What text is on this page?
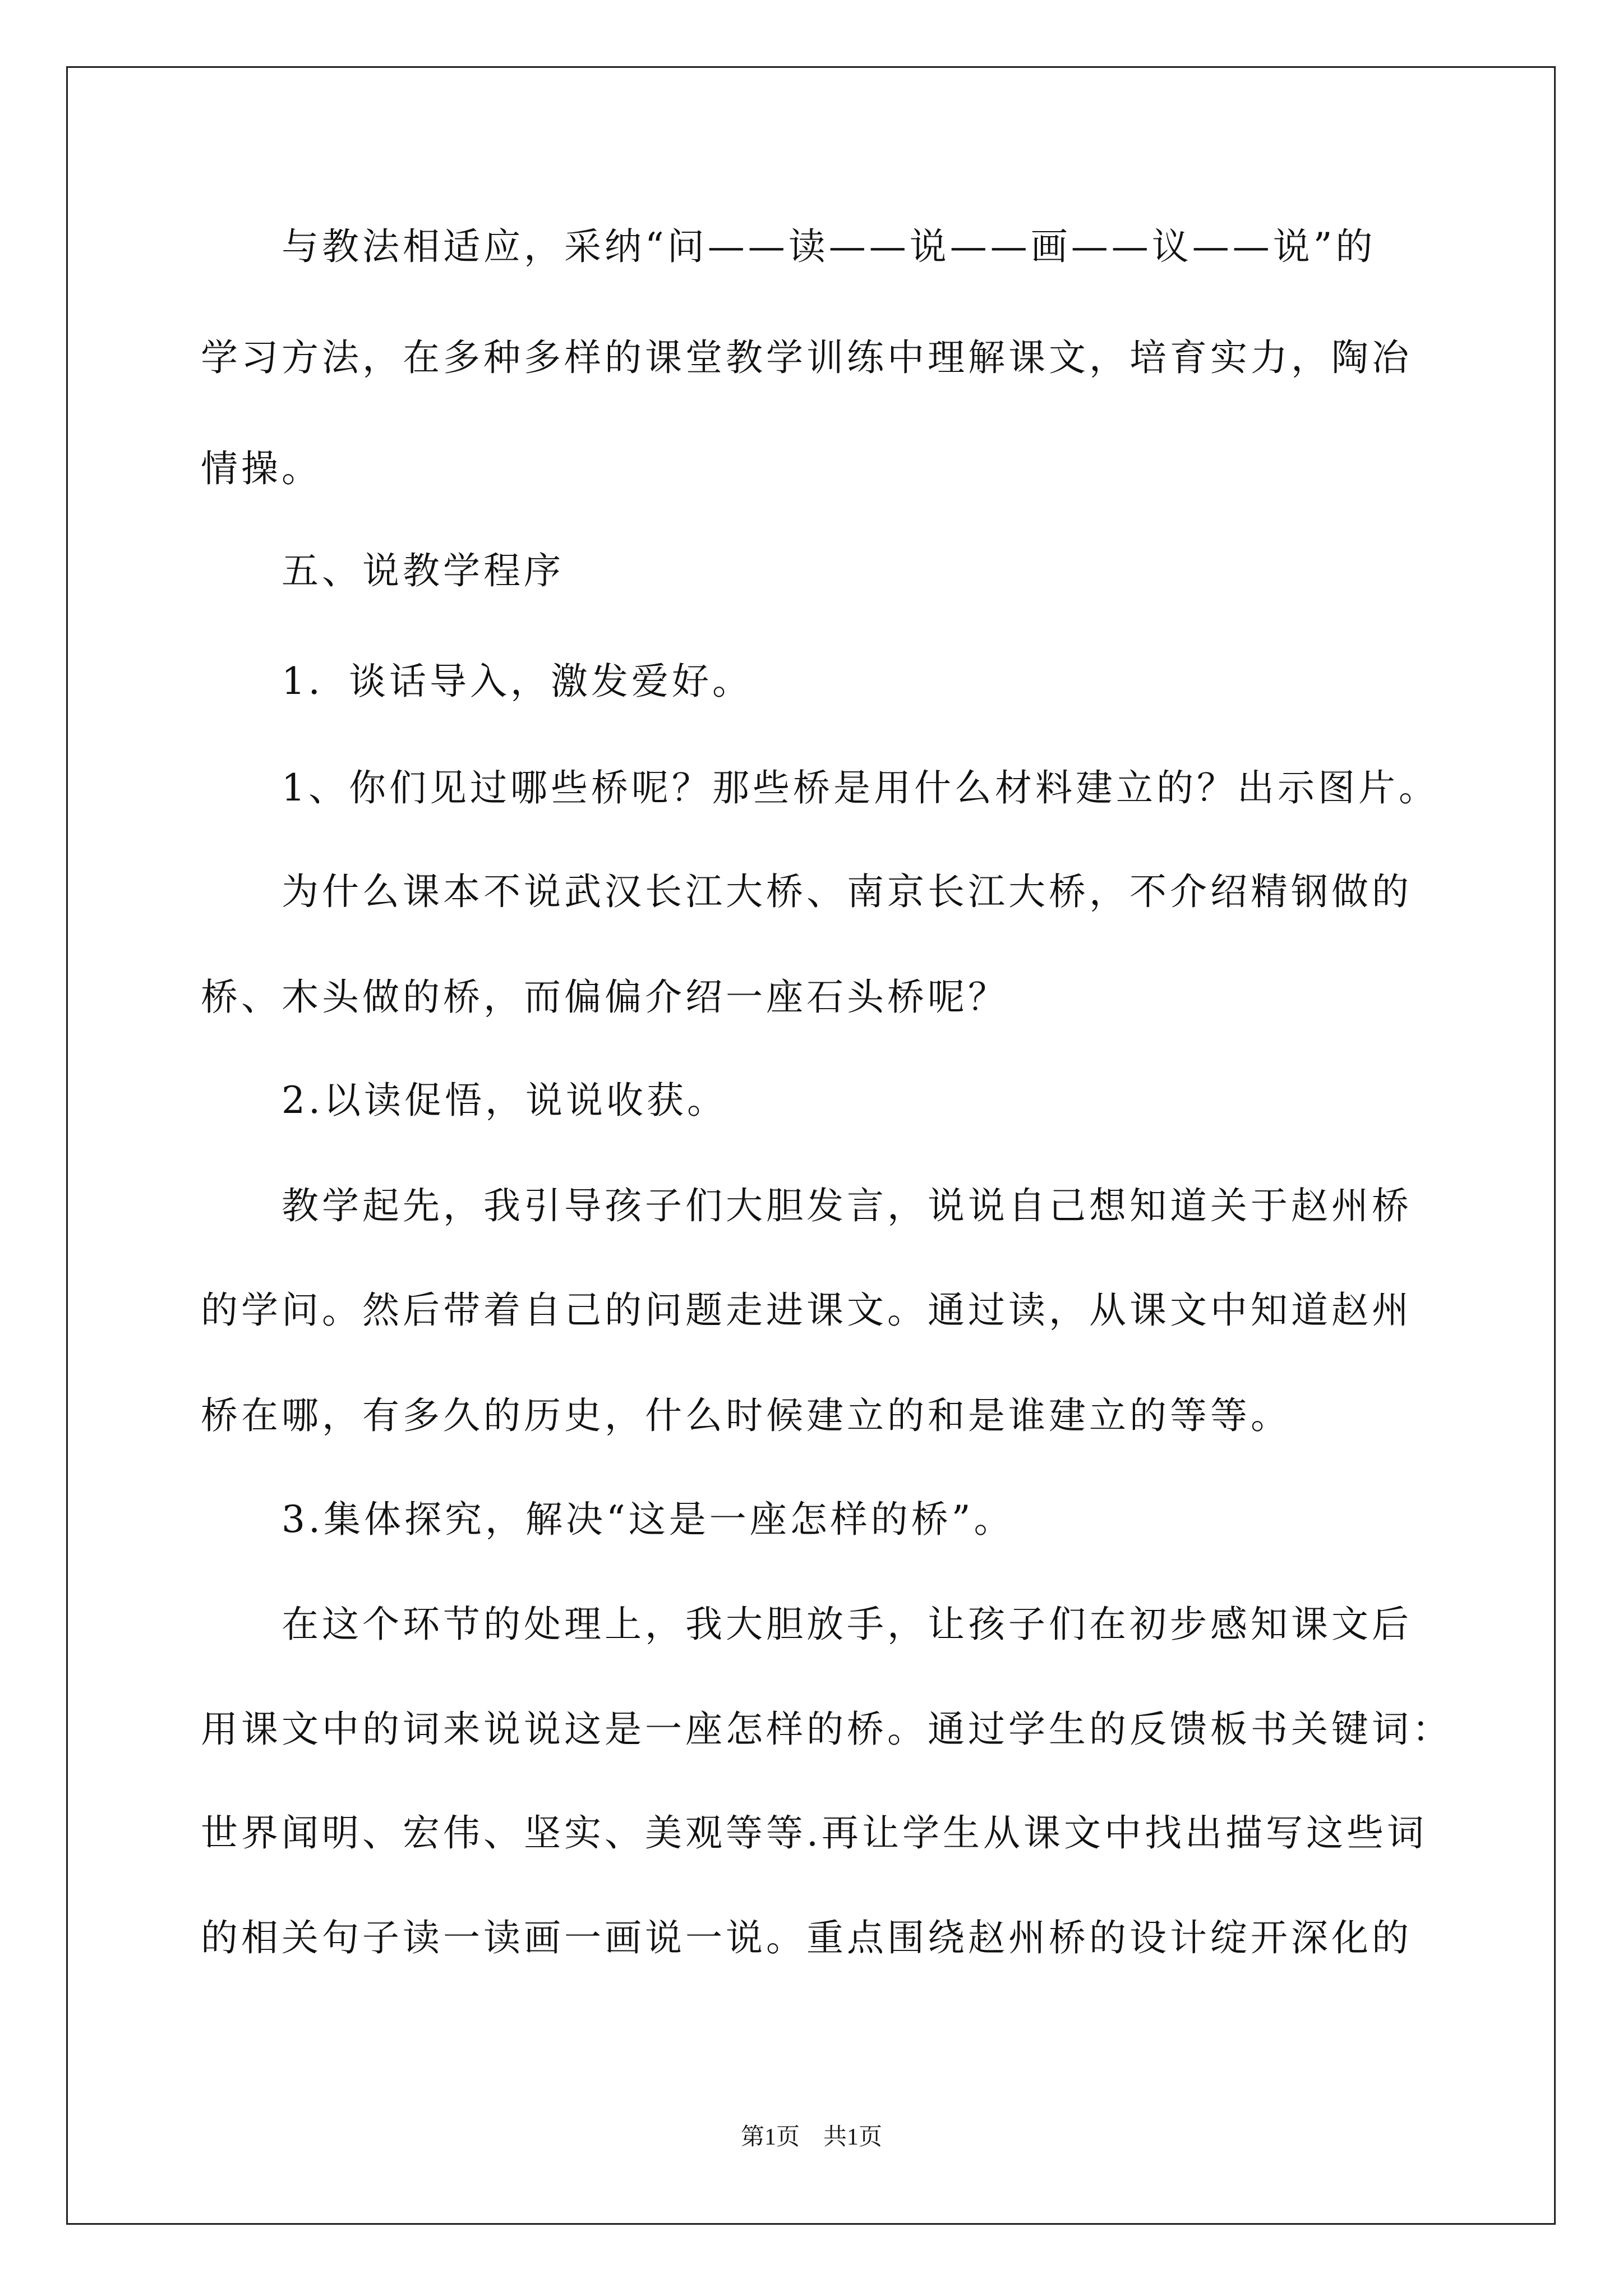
与教法相适应，采纳“问——读——说——画——议——说”的
学习方法，在多种多样的课堂教学训练中理解课文，培育实力，陶冶
情操。
五、说教学程序
1．谈话导入，激发爱好。
1、你们见过哪些桥呢？那些桥是用什么材料建立的？出示图片。
为什么课本不说武汉长江大桥、南京长江大桥，不介绍精钢做的
桥、木头做的桥，而偏偏介绍一座石头桥呢？
2.以读促悟，说说收获。
教学起先，我引导孩子们大胆发言，说说自己想知道关于赵州桥
的学问。然后带着自己的问题走进课文。通过读，从课文中知道赵州
桥在哪，有多久的历史，什么时候建立的和是谁建立的等等。
3.集体探究，解决“这是一座怎样的桥”。
在这个环节的处理上，我大胆放手，让孩子们在初步感知课文后
用课文中的词来说说这是一座怎样的桥。通过学生的反馈板书关键词：
世界闻明、宏伟、坚实、美观等等.再让学生从课文中找出描写这些词
的相关句子读一读画一画说一说。重点围绕赵州桥的设计绽开深化的
第1页　共1页
